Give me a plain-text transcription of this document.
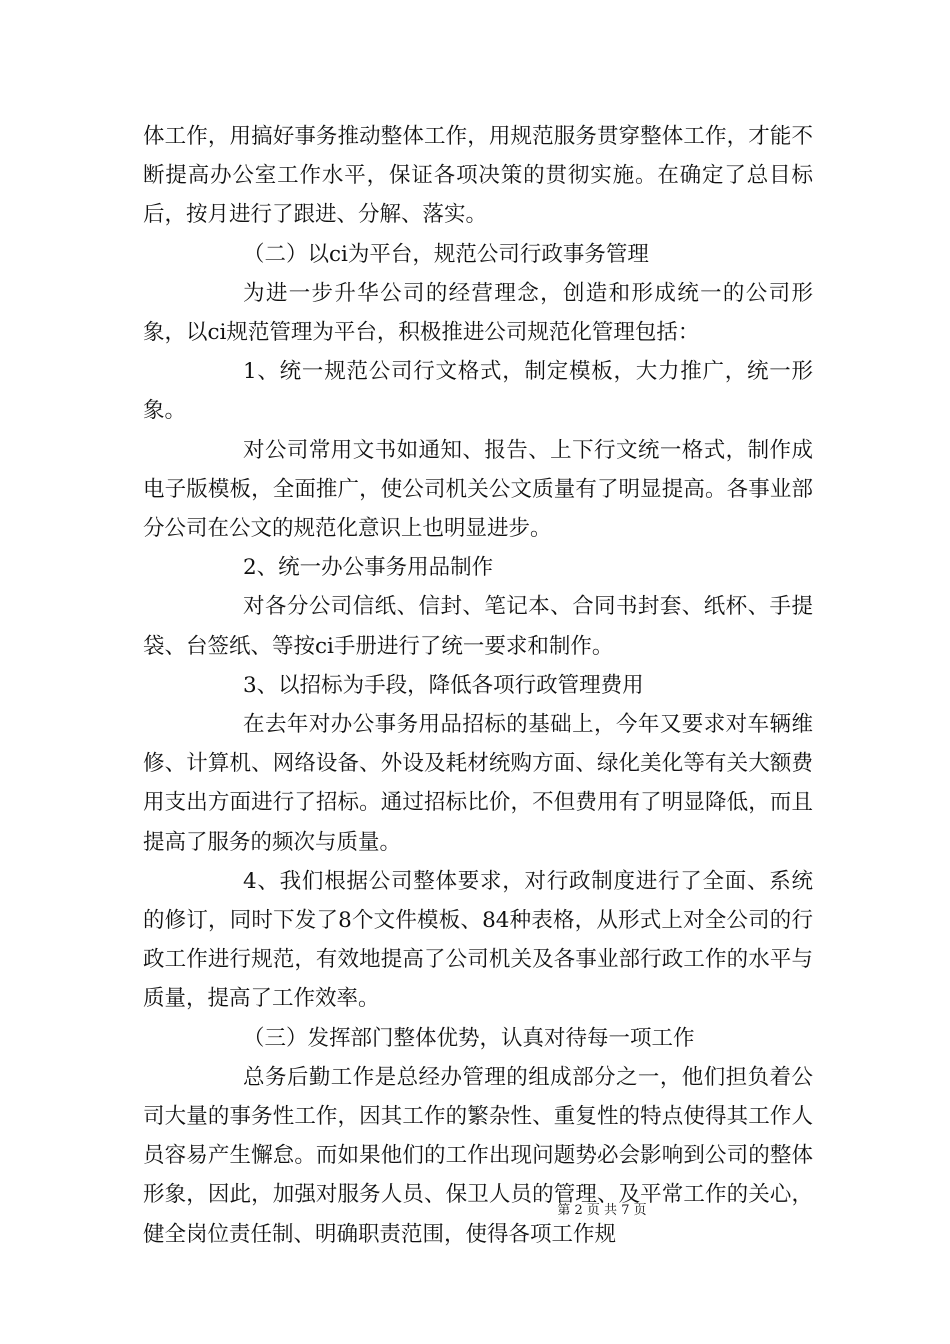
体工作，用搞好事务推动整体工作，用规范服务贯穿整体工作，才能不断提高办公室工作水平，保证各项决策的贯彻实施。在确定了总目标后，按月进行了跟进、分解、落实。

（二）以ci为平台，规范公司行政事务管理

为进一步升华公司的经营理念，创造和形成统一的公司形象，以ci规范管理为平台，积极推进公司规范化管理包括：

1、统一规范公司行文格式，制定模板，大力推广，统一形象。

对公司常用文书如通知、报告、上下行文统一格式，制作成电子版模板，全面推广，使公司机关公文质量有了明显提高。各事业部分公司在公文的规范化意识上也明显进步。

2、统一办公事务用品制作

对各分公司信纸、信封、笔记本、合同书封套、纸杯、手提袋、台签纸、等按ci手册进行了统一要求和制作。

3、以招标为手段，降低各项行政管理费用

在去年对办公事务用品招标的基础上，今年又要求对车辆维修、计算机、网络设备、外设及耗材统购方面、绿化美化等有关大额费用支出方面进行了招标。通过招标比价，不但费用有了明显降低，而且提高了服务的频次与质量。

4、我们根据公司整体要求，对行政制度进行了全面、系统的修订，同时下发了8个文件模板、84种表格，从形式上对全公司的行政工作进行规范，有效地提高了公司机关及各事业部行政工作的水平与质量，提高了工作效率。

（三）发挥部门整体优势，认真对待每一项工作

总务后勤工作是总经办管理的组成部分之一，他们担负着公司大量的事务性工作，因其工作的繁杂性、重复性的特点使得其工作人员容易产生懈怠。而如果他们的工作出现问题势必会影响到公司的整体形象，因此，加强对服务人员、保卫人员的管理、及平常工作的关心，健全岗位责任制、明确职责范围，使得各项工作规

第 2 页 共 7 页
